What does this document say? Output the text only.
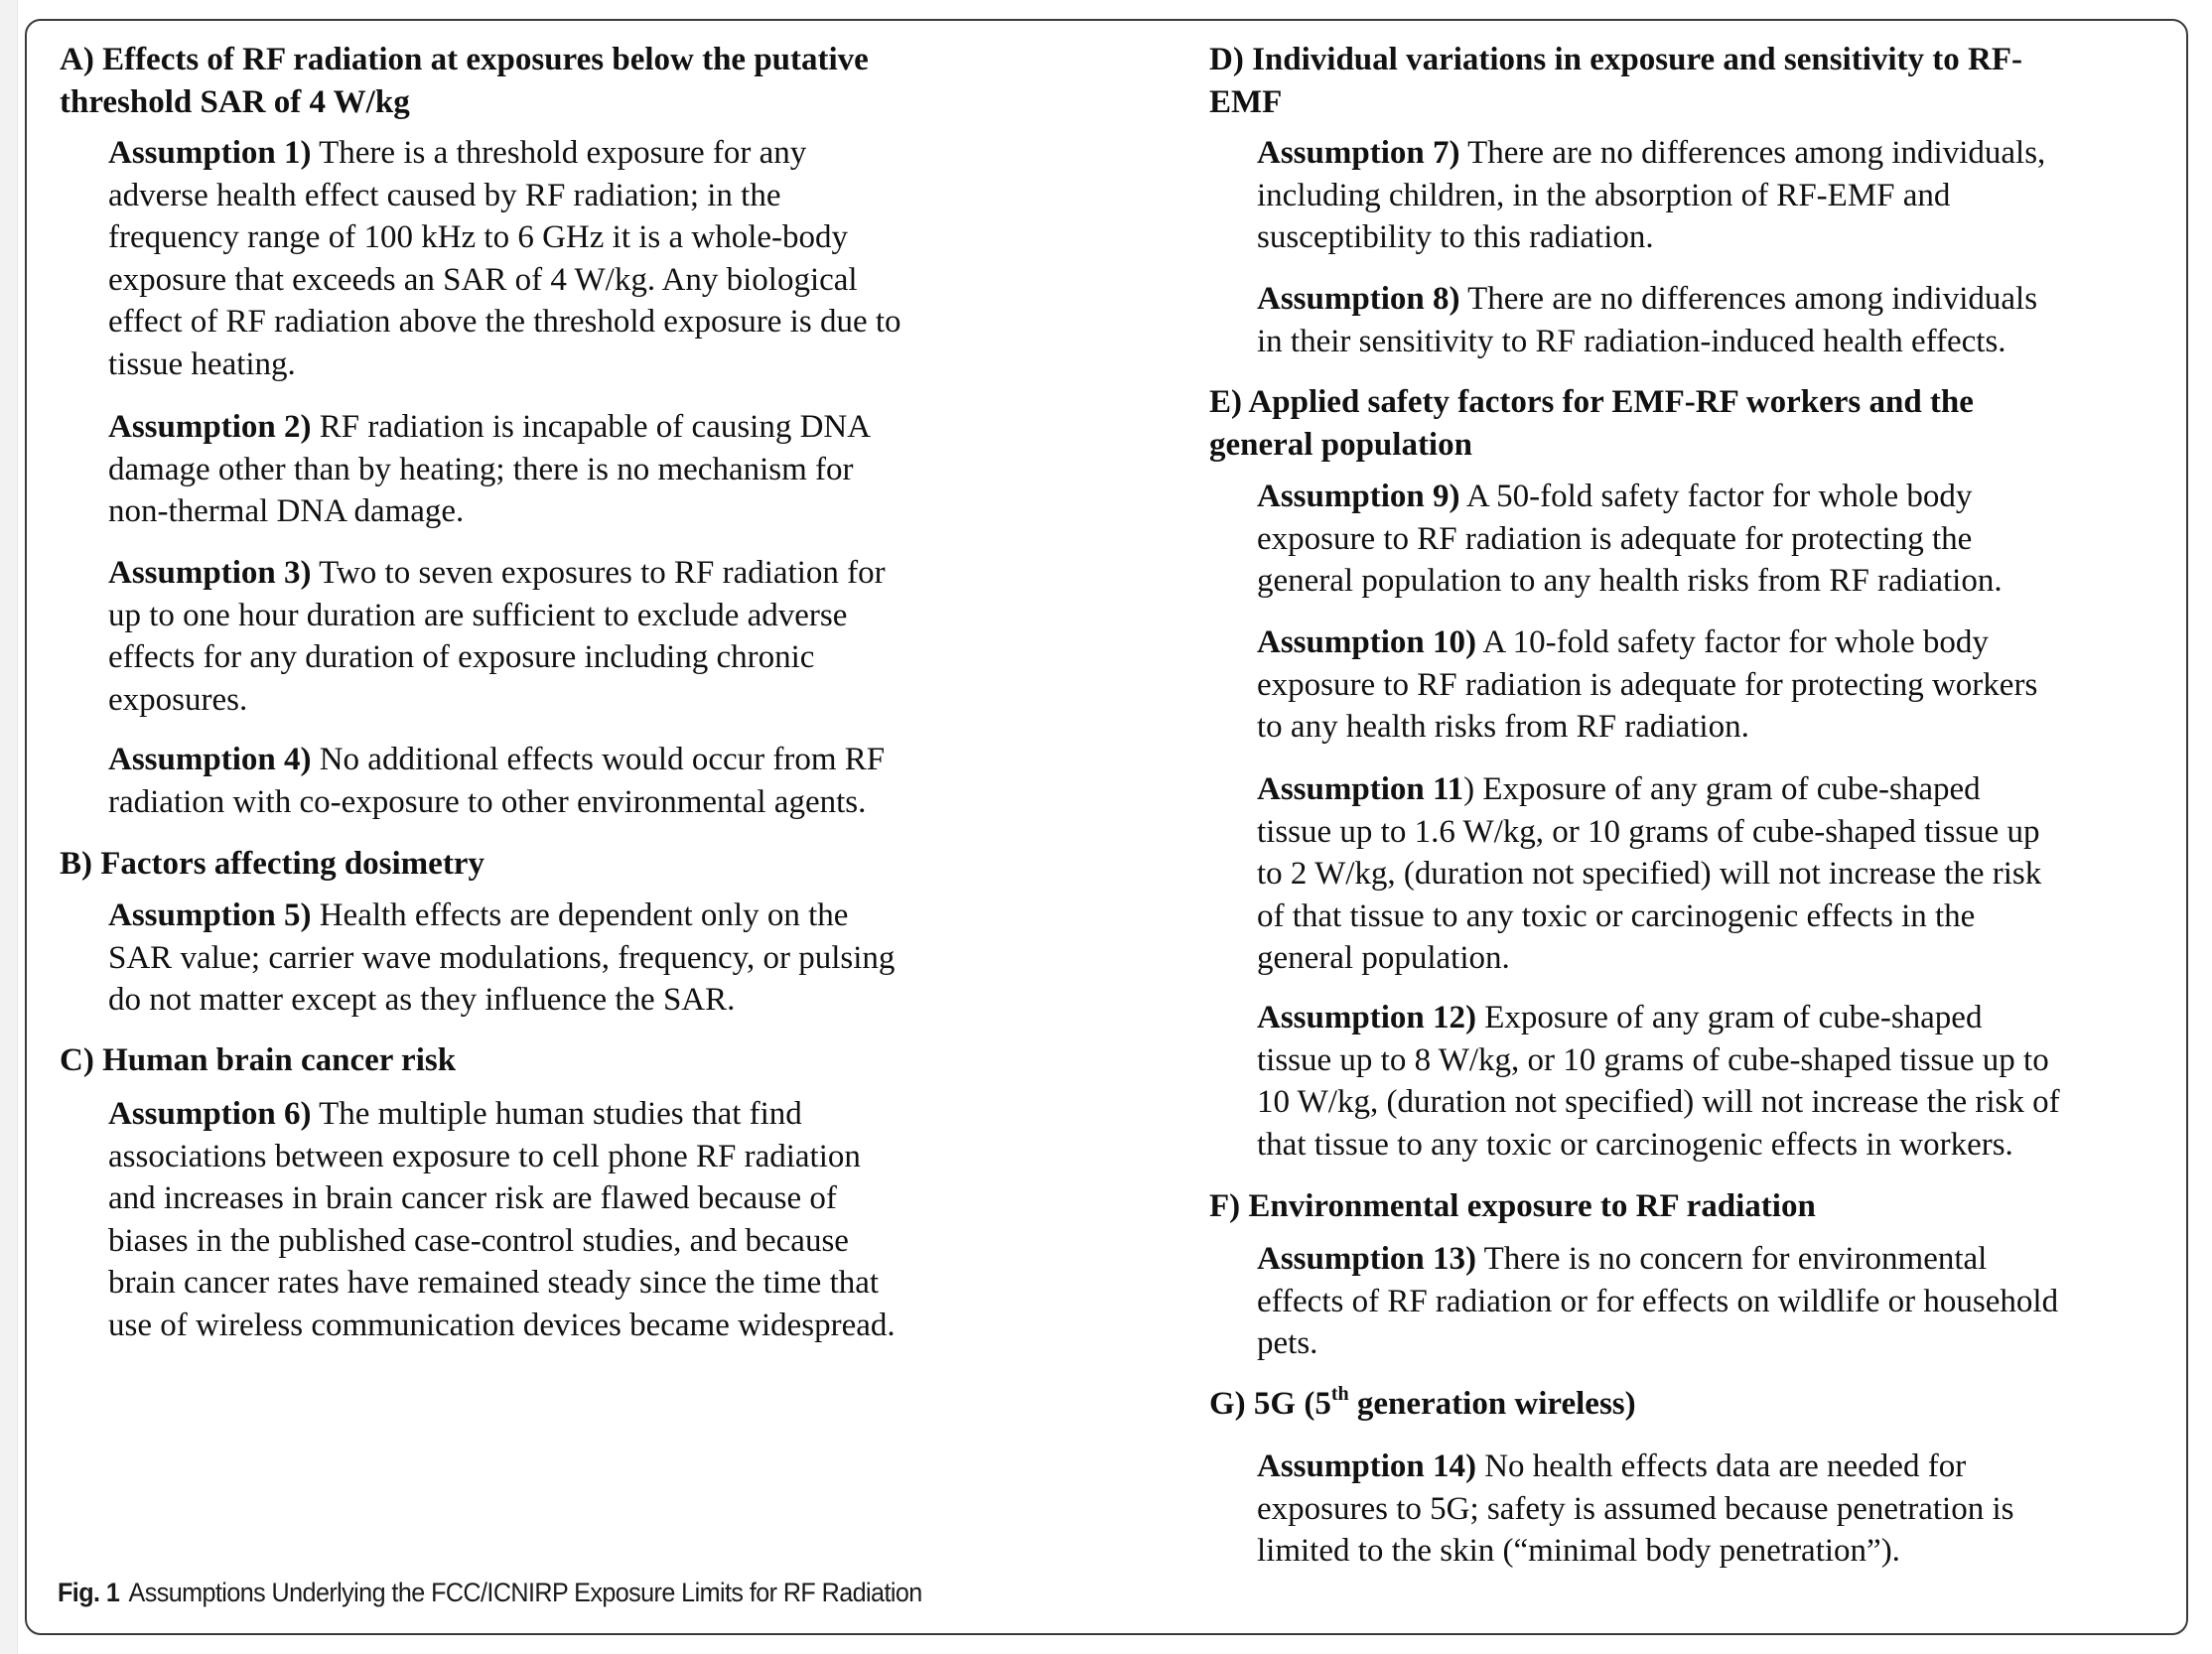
A) Effects of RF radiation at exposures below the putative
threshold SAR of 4 W/kg
Assumption 1) There is a threshold exposure for any
adverse health effect caused by RF radiation; in the
frequency range of 100 kHz to 6 GHz it is a whole-body
exposure that exceeds an SAR of 4 W/kg. Any biological
effect of RF radiation above the threshold exposure is due to
tissue heating.
Assumption 2) RF radiation is incapable of causing DNA
damage other than by heating; there is no mechanism for
non-thermal DNA damage.
Assumption 3) Two to seven exposures to RF radiation for
up to one hour duration are sufficient to exclude adverse
effects for any duration of exposure including chronic
exposures.
Assumption 4) No additional effects would occur from RF
radiation with co-exposure to other environmental agents.
B) Factors affecting dosimetry
Assumption 5) Health effects are dependent only on the
SAR value; carrier wave modulations, frequency, or pulsing
do not matter except as they influence the SAR.
C) Human brain cancer risk
Assumption 6) The multiple human studies that find
associations between exposure to cell phone RF radiation
and increases in brain cancer risk are flawed because of
biases in the published case-control studies, and because
brain cancer rates have remained steady since the time that
use of wireless communication devices became widespread.
D) Individual variations in exposure and sensitivity to RF-
EMF
Assumption 7) There are no differences among individuals,
including children, in the absorption of RF-EMF and
susceptibility to this radiation.
Assumption 8) There are no differences among individuals
in their sensitivity to RF radiation-induced health effects.
E) Applied safety factors for EMF-RF workers and the
general population
Assumption 9) A 50-fold safety factor for whole body
exposure to RF radiation is adequate for protecting the
general population to any health risks from RF radiation.
Assumption 10) A 10-fold safety factor for whole body
exposure to RF radiation is adequate for protecting workers
to any health risks from RF radiation.
Assumption 11) Exposure of any gram of cube-shaped
tissue up to 1.6 W/kg, or 10 grams of cube-shaped tissue up
to 2 W/kg, (duration not specified) will not increase the risk
of that tissue to any toxic or carcinogenic effects in the
general population.
Assumption 12) Exposure of any gram of cube-shaped
tissue up to 8 W/kg, or 10 grams of cube-shaped tissue up to
10 W/kg, (duration not specified) will not increase the risk of
that tissue to any toxic or carcinogenic effects in workers.
F) Environmental exposure to RF radiation
Assumption 13) There is no concern for environmental
effects of RF radiation or for effects on wildlife or household
pets.
G) 5G (5th generation wireless)
Assumption 14) No health effects data are needed for
exposures to 5G; safety is assumed because penetration is
limited to the skin (“minimal body penetration”).
Fig. 1 Assumptions Underlying the FCC/ICNIRP Exposure Limits for RF Radiation
